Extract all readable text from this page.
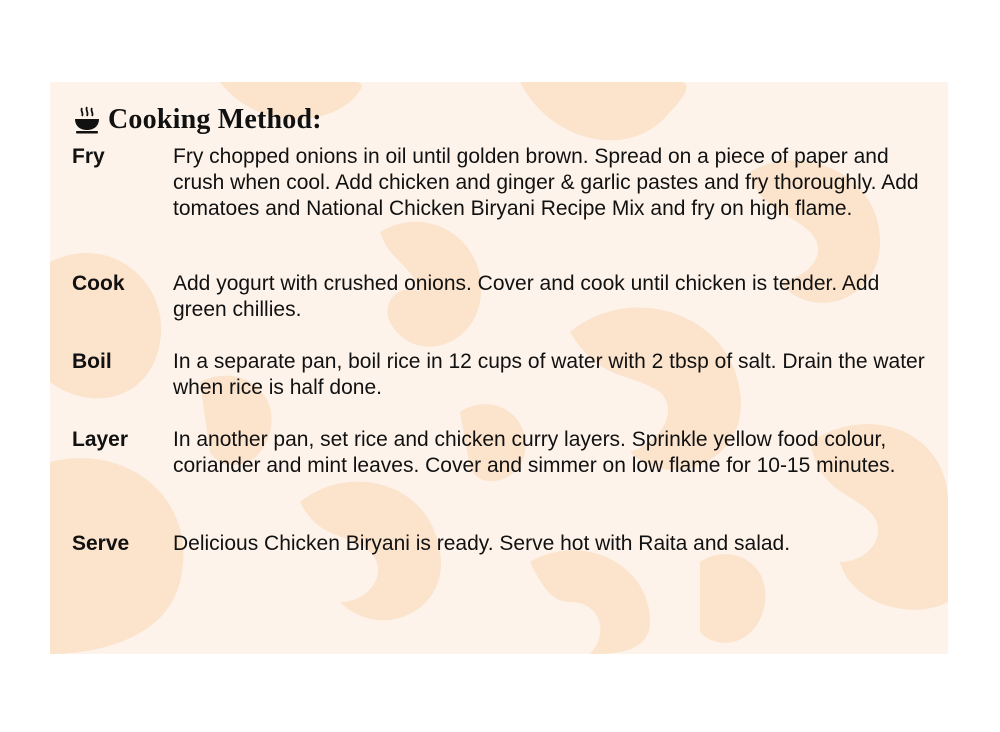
Cooking Method:
Fry	Fry chopped onions in oil until golden brown. Spread on a piece of paper and crush when cool. Add chicken and ginger & garlic pastes and fry thoroughly. Add tomatoes and National Chicken Biryani Recipe Mix and fry on high flame.
Cook	Add yogurt with crushed onions. Cover and cook until chicken is tender. Add green chillies.
Boil	In a separate pan, boil rice in 12 cups of water with 2 tbsp of salt. Drain the water when rice is half done.
Layer	In another pan, set rice and chicken curry layers. Sprinkle yellow food colour, coriander and mint leaves. Cover and simmer on low flame for 10-15 minutes.
Serve	Delicious Chicken Biryani is ready. Serve hot with Raita and salad.
